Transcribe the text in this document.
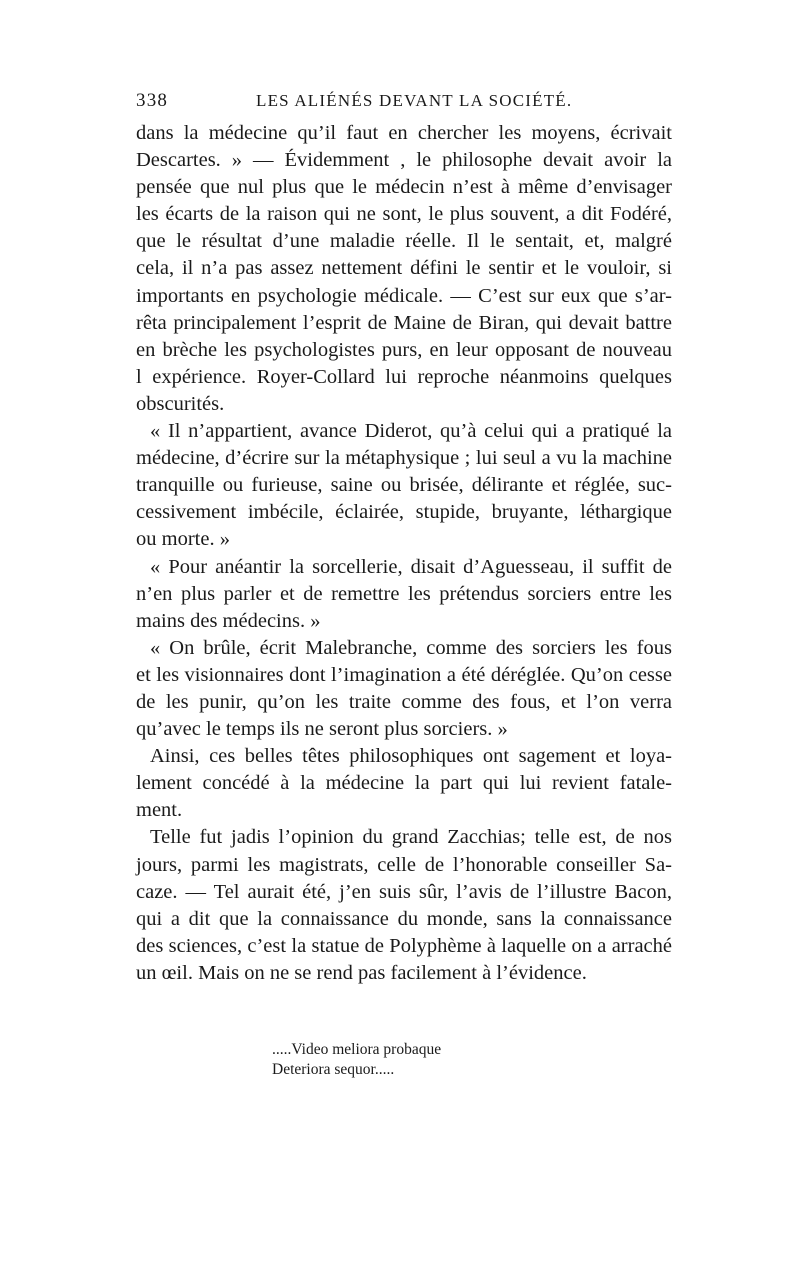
338	LES ALIÉNÉS DEVANT LA SOCIÉTÉ.
dans la médecine qu’il faut en chercher les moyens, écrivait
Descartes. » — Évidemment , le philosophe devait avoir la
pensée que nul plus que le médecin n’est à même d’envisager
les écarts de la raison qui ne sont, le plus souvent, a dit Fodéré,
que le résultat d’une maladie réelle. Il le sentait, et, malgré
cela, il n’a pas assez nettement défini le sentir et le vouloir, si
importants en psychologie médicale. — C’est sur eux que s’ar-
rêta principalement l’esprit de Maine de Biran, qui devait battre
en brèche les psychologistes purs, en leur opposant de nouveau
l expérience. Royer-Collard lui reproche néanmoins quelques
obscurités.
« Il n’appartient, avance Diderot, qu’à celui qui a pratiqué la
médecine, d’écrire sur la métaphysique ; lui seul a vu la machine
tranquille ou furieuse, saine ou brisée, délirante et réglée, suc-
cessivement imbécile, éclairée, stupide, bruyante, léthargique
ou morte. »
« Pour anéantir la sorcellerie, disait d’Aguesseau, il suffit de
n’en plus parler et de remettre les prétendus sorciers entre les
mains des médecins. »
« On brûle, écrit Malebranche, comme des sorciers les fous
et les visionnaires dont l’imagination a été déréglée. Qu’on cesse
de les punir, qu’on les traite comme des fous, et l’on verra
qu’avec le temps ils ne seront plus sorciers. »
Ainsi, ces belles têtes philosophiques ont sagement et loya-
lement concédé à la médecine la part qui lui revient fatale-
ment.
Telle fut jadis l’opinion du grand Zacchias; telle est, de nos
jours, parmi les magistrats, celle de l’honorable conseiller Sa-
caze. — Tel aurait été, j’en suis sûr, l’avis de l’illustre Bacon,
qui a dit que la connaissance du monde, sans la connaissance
des sciences, c’est la statue de Polyphème à laquelle on a arraché
un œil. Mais on ne se rend pas facilement à l’évidence.
.....Video meliora probaque
Deteriora sequor.....
